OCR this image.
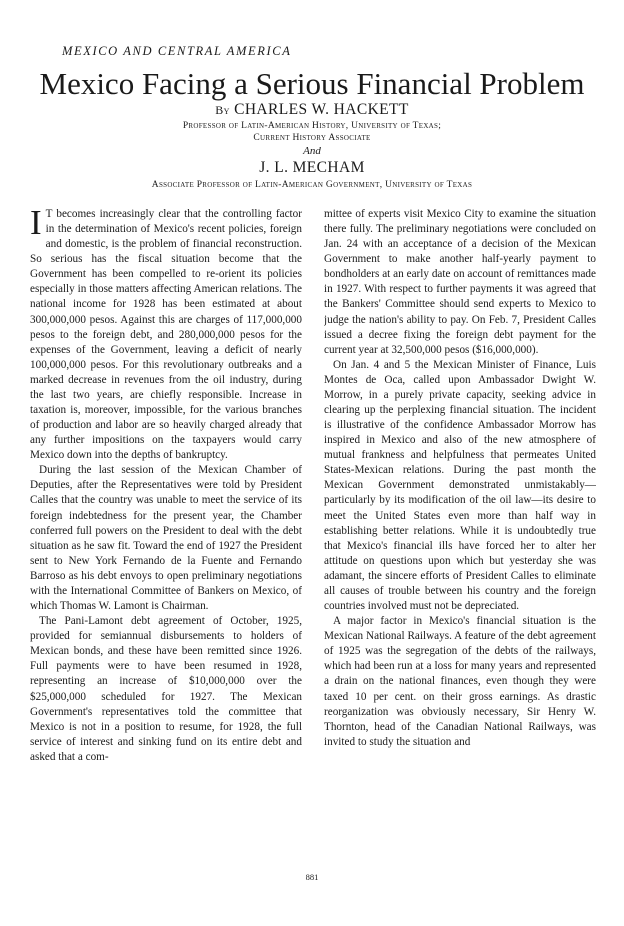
MEXICO AND CENTRAL AMERICA
Mexico Facing a Serious Financial Problem
By CHARLES W. HACKETT
Professor of Latin-American History, University of Texas;
Current History Associate
And
J. L. MECHAM
Associate Professor of Latin-American Government, University of Texas

I T becomes increasingly clear that the controlling factor in the determination of Mexico's recent policies, foreign and domestic, is the problem of financial reconstruction. So serious has the fiscal situation become that the Government has been compelled to re-orient its policies especially in those matters affecting American relations. The national income for 1928 has been estimated at about 300,000,000 pesos. Against this are charges of 117,000,000 pesos to the foreign debt, and 280,000,000 pesos for the expenses of the Government, leaving a deficit of nearly 100,000,000 pesos. For this revolutionary outbreaks and a marked decrease in revenues from the oil industry, during the last two years, are chiefly responsible. Increase in taxation is, moreover, impossible, for the various branches of production and labor are so heavily charged already that any further impositions on the taxpayers would carry Mexico down into the depths of bankruptcy.

During the last session of the Mexican Chamber of Deputies, after the Representatives were told by President Calles that the country was unable to meet the service of its foreign indebtedness for the present year, the Chamber conferred full powers on the President to deal with the debt situation as he saw fit. Toward the end of 1927 the President sent to New York Fernando de la Fuente and Fernando Barroso as his debt envoys to open preliminary negotiations with the International Committee of Bankers on Mexico, of which Thomas W. Lamont is Chairman.

The Pani-Lamont debt agreement of October, 1925, provided for semiannual disbursements to holders of Mexican bonds, and these have been remitted since 1926. Full payments were to have been resumed in 1928, representing an increase of $10,000,000 over the $25,000,000 scheduled for 1927. The Mexican Government's representatives told the committee that Mexico is not in a position to resume, for 1928, the full service of interest and sinking fund on its entire debt and asked that a com-

mittee of experts visit Mexico City to examine the situation there fully. The preliminary negotiations were concluded on Jan. 24 with an acceptance of a decision of the Mexican Government to make another half-yearly payment to bondholders at an early date on account of remittances made in 1927. With respect to further payments it was agreed that the Bankers' Committee should send experts to Mexico to judge the nation's ability to pay. On Feb. 7, President Calles issued a decree fixing the foreign debt payment for the current year at 32,500,000 pesos ($16,000,000).

On Jan. 4 and 5 the Mexican Minister of Finance, Luis Montes de Oca, called upon Ambassador Dwight W. Morrow, in a purely private capacity, seeking advice in clearing up the perplexing financial situation. The incident is illustrative of the confidence Ambassador Morrow has inspired in Mexico and also of the new atmosphere of mutual frankness and helpfulness that permeates United States-Mexican relations. During the past month the Mexican Government demonstrated unmistakably—particularly by its modification of the oil law—its desire to meet the United States even more than half way in establishing better relations. While it is undoubtedly true that Mexico's financial ills have forced her to alter her attitude on questions upon which but yesterday she was adamant, the sincere efforts of President Calles to eliminate all causes of trouble between his country and the foreign countries involved must not be depreciated.

A major factor in Mexico's financial situation is the Mexican National Railways. A feature of the debt agreement of 1925 was the segregation of the debts of the railways, which had been run at a loss for many years and represented a drain on the national finances, even though they were taxed 10 per cent. on their gross earnings. As drastic reorganization was obviously necessary, Sir Henry W. Thornton, head of the Canadian National Railways, was invited to study the situation and

881
